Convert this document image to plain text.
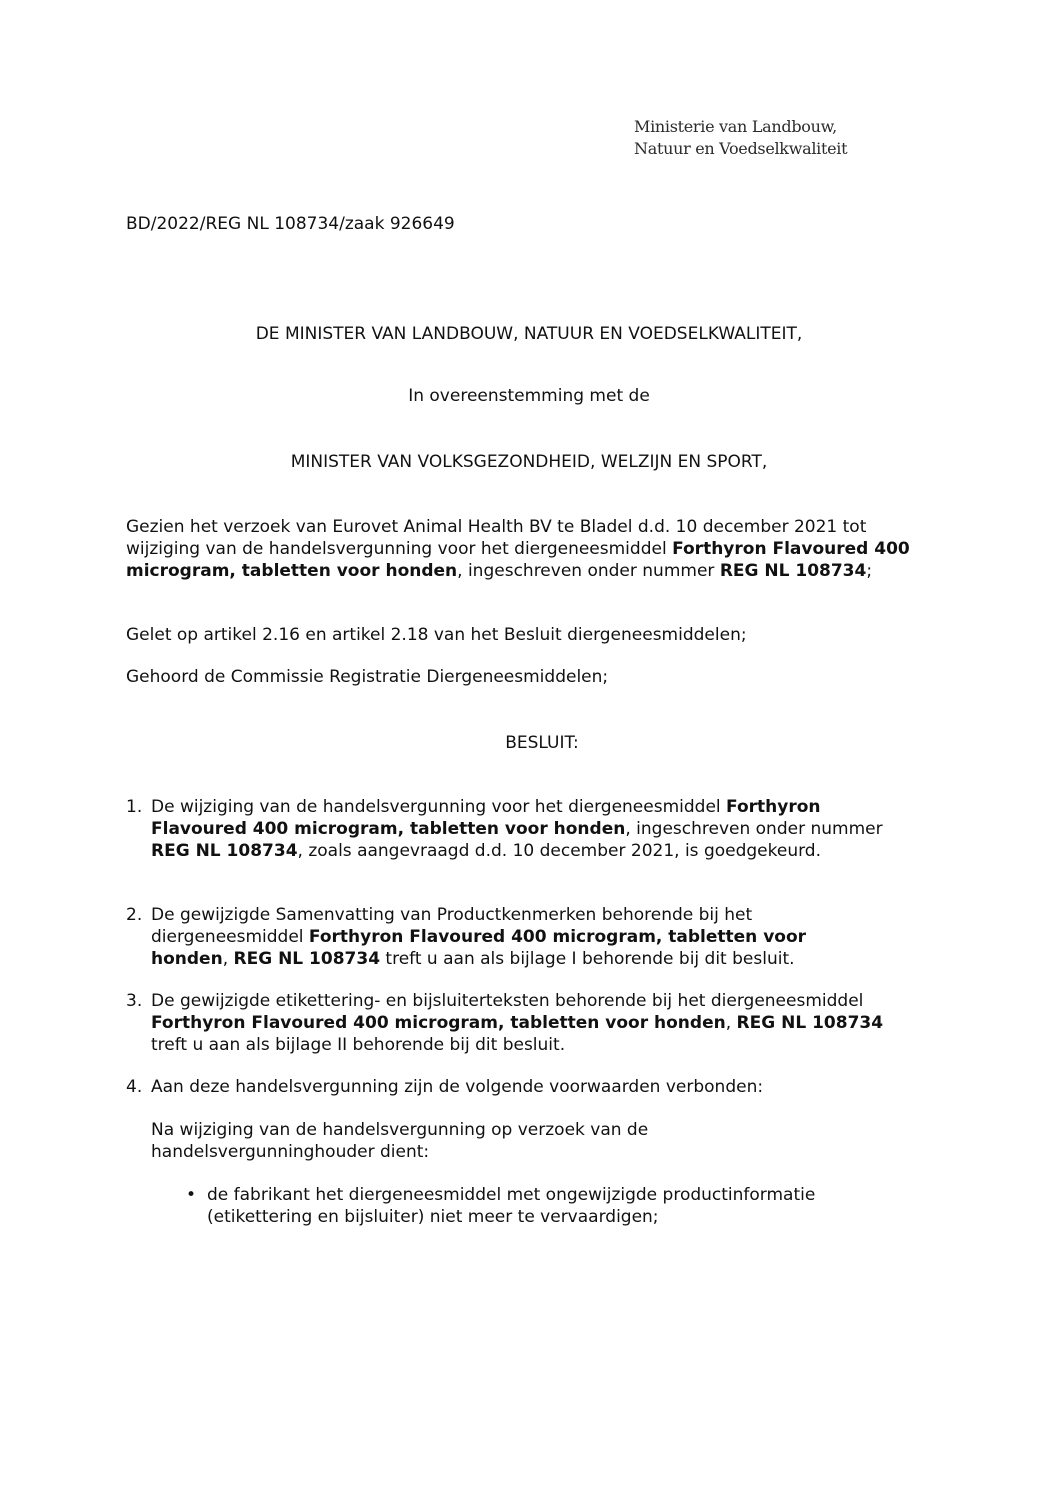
Ministerie van Landbouw,
Natuur en Voedselkwaliteit
BD/2022/REG NL 108734/zaak 926649
DE MINISTER VAN LANDBOUW, NATUUR EN VOEDSELKWALITEIT,
In overeenstemming met de
MINISTER VAN VOLKSGEZONDHEID, WELZIJN EN SPORT,
Gezien het verzoek van Eurovet Animal Health BV te Bladel d.d. 10 december 2021 tot wijziging van de handelsvergunning voor het diergeneesmiddel Forthyron Flavoured 400 microgram, tabletten voor honden, ingeschreven onder nummer REG NL 108734;
Gelet op artikel 2.16 en artikel 2.18 van het Besluit diergeneesmiddelen;
Gehoord de Commissie Registratie Diergeneesmiddelen;
BESLUIT:
1. De wijziging van de handelsvergunning voor het diergeneesmiddel Forthyron Flavoured 400 microgram, tabletten voor honden, ingeschreven onder nummer REG NL 108734, zoals aangevraagd d.d. 10 december 2021, is goedgekeurd.
2. De gewijzigde Samenvatting van Productkenmerken behorende bij het diergeneesmiddel Forthyron Flavoured 400 microgram, tabletten voor honden, REG NL 108734 treft u aan als bijlage I behorende bij dit besluit.
3. De gewijzigde etikettering- en bijsluiterteksten behorende bij het diergeneesmiddel Forthyron Flavoured 400 microgram, tabletten voor honden, REG NL 108734 treft u aan als bijlage II behorende bij dit besluit.
4. Aan deze handelsvergunning zijn de volgende voorwaarden verbonden:
Na wijziging van de handelsvergunning op verzoek van de handelsvergunninghouder dient:
• de fabrikant het diergeneesmiddel met ongewijzigde productinformatie (etikettering en bijsluiter) niet meer te vervaardigen;
